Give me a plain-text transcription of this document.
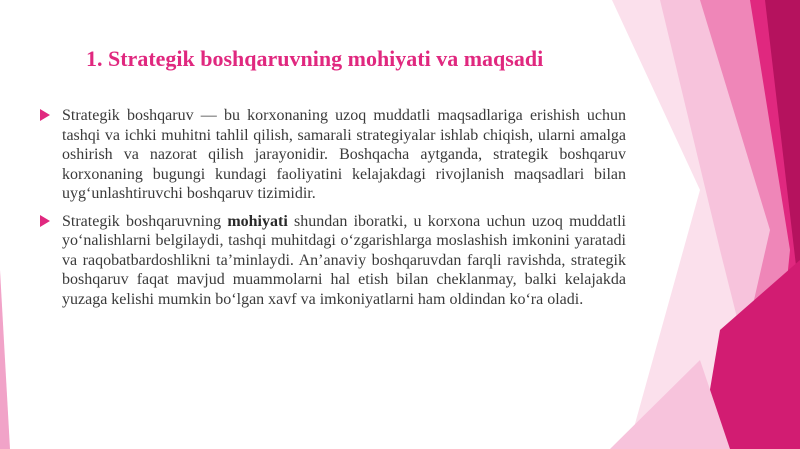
1. Strategik boshqaruvning mohiyati va maqsadi
Strategik boshqaruv — bu korxonaning uzoq muddatli maqsadlariga erishish uchun tashqi va ichki muhitni tahlil qilish, samarali strategiyalar ishlab chiqish, ularni amalga oshirish va nazorat qilish jarayonidir. Boshqacha aytganda, strategik boshqaruv korxonaning bugungi kundagi faoliyatini kelajakdagi rivojlanish maqsadlari bilan uyg‘unlashtiruvchi boshqaruv tizimidir.
Strategik boshqaruvning mohiyati shundan iboratki, u korxona uchun uzoq muddatli yo‘nalishlarni belgilaydi, tashqi muhitdagi o‘zgarishlarga moslashish imkonini yaratadi va raqobatbardoshlikni ta’minlaydi. An’anaviy boshqaruvdan farqli ravishda, strategik boshqaruv faqat mavjud muammolarni hal etish bilan cheklanmay, balki kelajakda yuzaga kelishi mumkin bo‘lgan xavf va imkoniyatlarni ham oldindan ko‘ra oladi.
